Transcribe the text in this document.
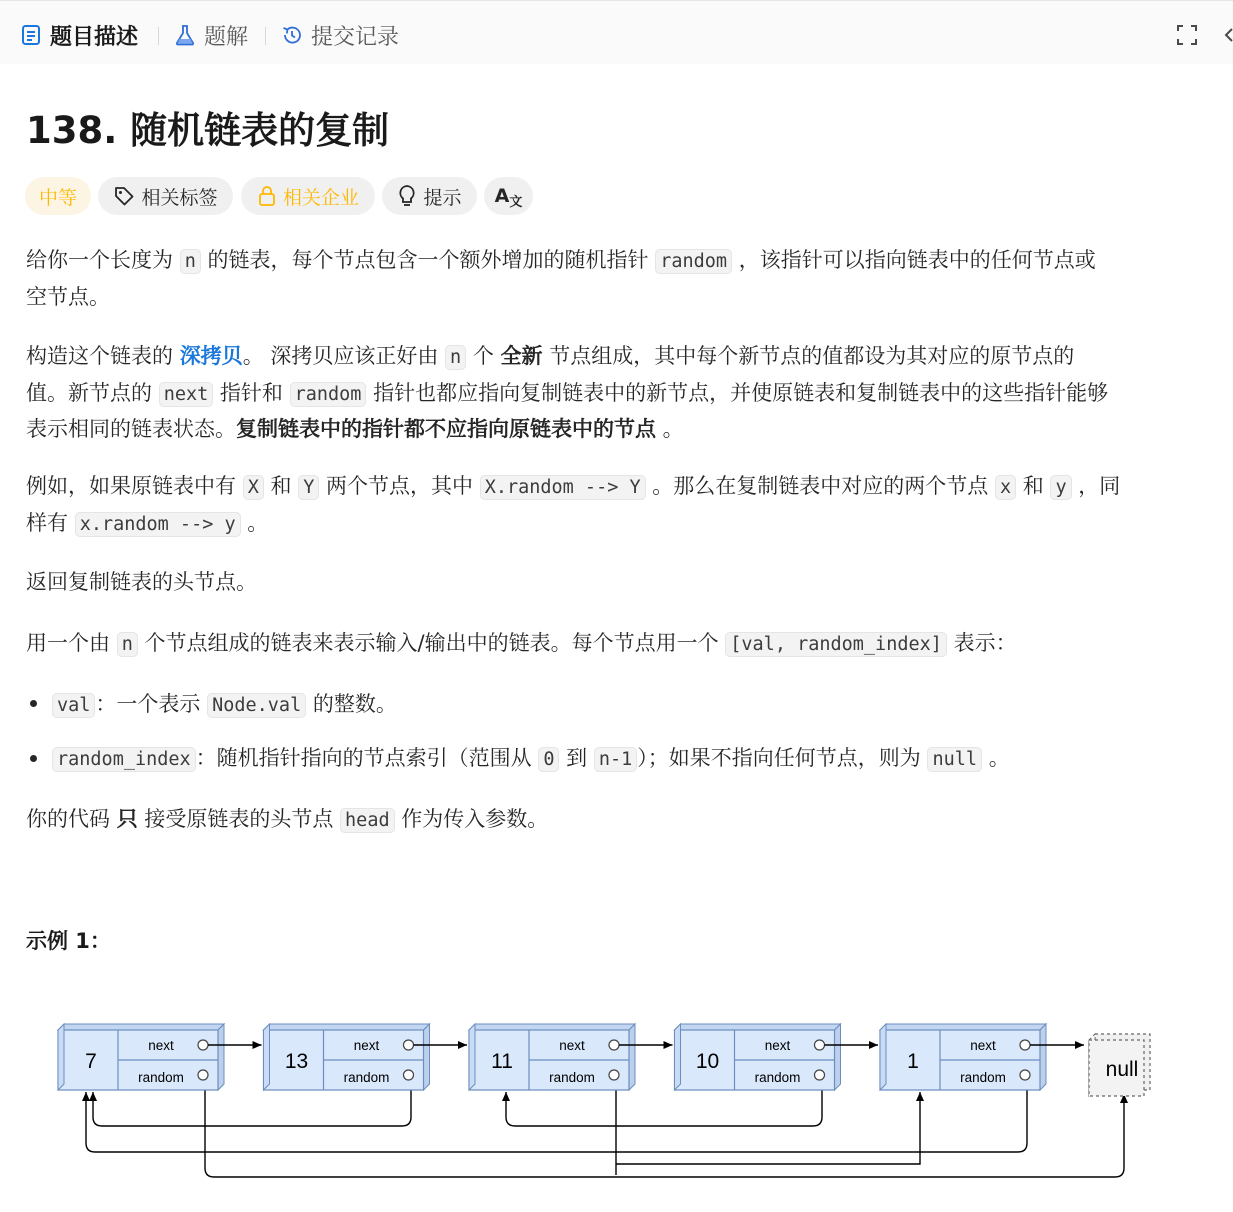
题目描述	题解	提交记录
138. 随机链表的复制
中等	相关标签	相关企业	提示 $A_文$
给你一个长度为 n 的链表，每个节点包含一个额外增加的随机指针 random ，该指针可以指向链表中的任何节点或
空节点。
构造这个链表的 深拷贝。 深拷贝应该正好由 n 个 全新 节点组成，其中每个新节点的值都设为其对应的原节点的
值。新节点的 next 指针和 random 指针也都应指向复制链表中的新节点，并使原链表和复制链表中的这些指针能够
表示相同的链表状态。复制链表中的指针都不应指向原链表中的节点 。
例如，如果原链表中有 X 和 Y 两个节点，其中 X.random --> Y 。那么在复制链表中对应的两个节点 x 和 y ，同
样有 x.random --> y 。
返回复制链表的头节点。
用一个由 n 个节点组成的链表来表示输入/输出中的链表。每个节点用一个 [val, random_index] 表示：
val ：一个表示 Node.val 的整数。
random_index ：随机指针指向的节点索引（范围从 0 到 n-1 ）；如果不指向任何节点，则为 null 。
你的代码 只 接受原链表的头节点 head 作为传入参数。
示例 1：
7
next
random
13
next
random
11
next
random
10
next
random
1
next
random	null
